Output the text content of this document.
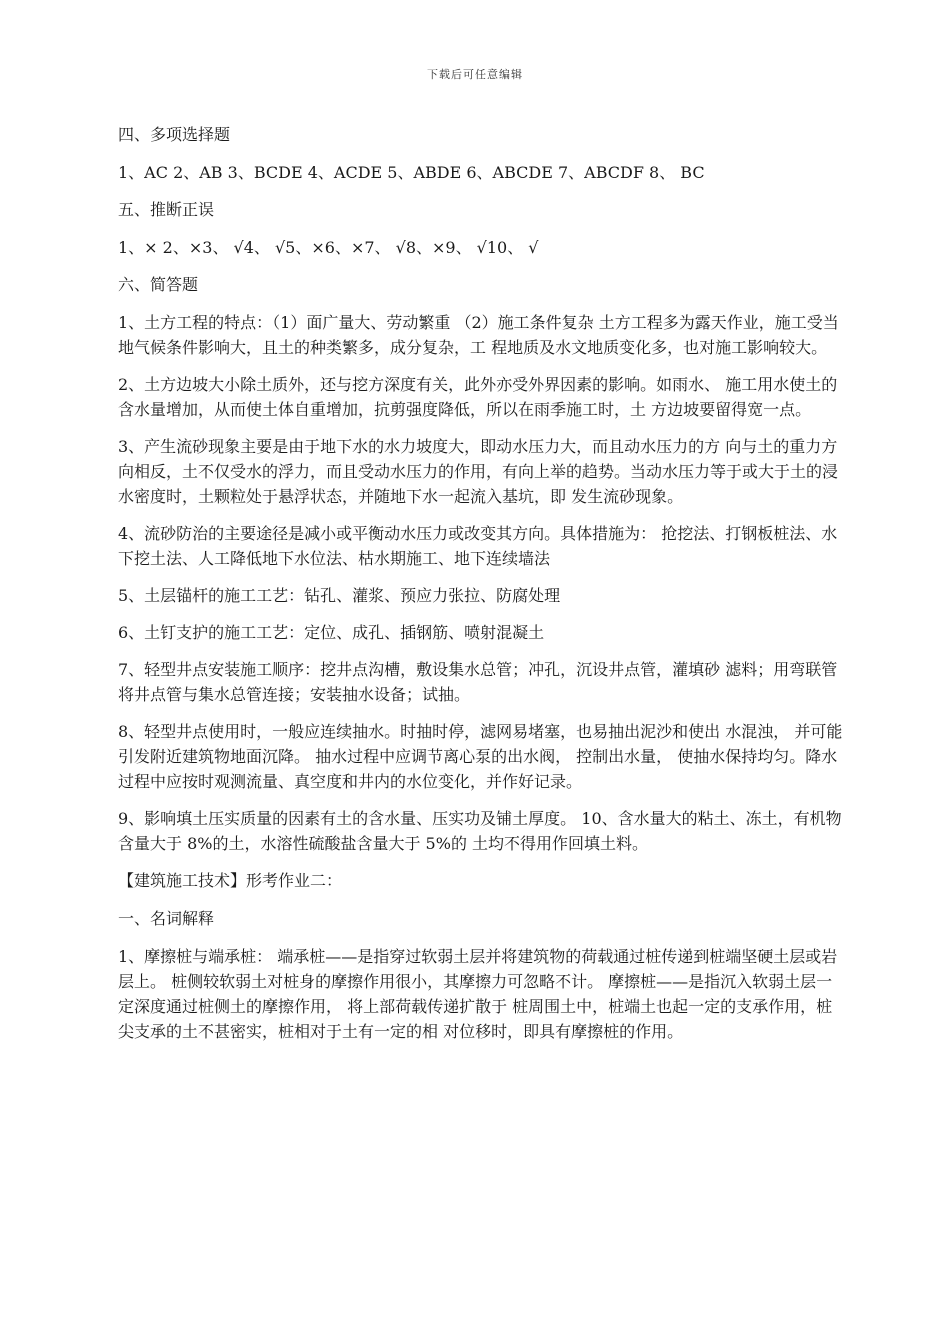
下载后可任意编辑

四、多项选择题

1、AC 2、AB 3、BCDE 4、ACDE 5、ABDE 6、ABCDE 7、ABCDF 8、 BC

五、推断正误

1、× 2、×3、 √4、 √5、×6、×7、 √8、×9、 √10、 √

六、简答题

1、土方工程的特点：（1）面广量大、劳动繁重 （2）施工条件复杂 土方工程多为露天作业，施工受当地气候条件影响大，且土的种类繁多，成分复杂，工 程地质及水文地质变化多，也对施工影响较大。

2、土方边坡大小除土质外，还与挖方深度有关，此外亦受外界因素的影响。如雨水、 施工用水使土的含水量增加，从而使土体自重增加，抗剪强度降低，所以在雨季施工时，土 方边坡要留得宽一点。

3、产生流砂现象主要是由于地下水的水力坡度大，即动水压力大，而且动水压力的方 向与土的重力方向相反，土不仅受水的浮力，而且受动水压力的作用，有向上举的趋势。当动水压力等于或大于土的浸水密度时，土颗粒处于悬浮状态，并随地下水一起流入基坑，即 发生流砂现象。

4、流砂防治的主要途径是减小或平衡动水压力或改变其方向。具体措施为： 抢挖法、打钢板桩法、水下挖土法、人工降低地下水位法、枯水期施工、地下连续墙法

5、土层锚杆的施工工艺：钻孔、灌浆、预应力张拉、防腐处理

6、土钉支护的施工工艺：定位、成孔、插钢筋、喷射混凝土

7、轻型井点安装施工顺序：挖井点沟槽，敷设集水总管；冲孔，沉设井点管，灌填砂 滤料；用弯联管将井点管与集水总管连接；安装抽水设备；试抽。

8、轻型井点使用时，一般应连续抽水。时抽时停，滤网易堵塞，也易抽出泥沙和使出 水混浊， 并可能引发附近建筑物地面沉降。 抽水过程中应调节离心泵的出水阀， 控制出水量， 使抽水保持均匀。降水过程中应按时观测流量、真空度和井内的水位变化，并作好记录。

9、影响填土压实质量的因素有土的含水量、压实功及铺土厚度。 10、含水量大的粘土、冻土，有机物含量大于 8%的土，水溶性硫酸盐含量大于 5%的 土均不得用作回填土料。

【建筑施工技术】形考作业二：

一、名词解释

1、摩擦桩与端承桩： 端承桩——是指穿过软弱土层并将建筑物的荷载通过桩传递到桩端坚硬土层或岩层上。 桩侧较软弱土对桩身的摩擦作用很小，其摩擦力可忽略不计。 摩擦桩——是指沉入软弱土层一定深度通过桩侧土的摩擦作用， 将上部荷载传递扩散于 桩周围土中，桩端土也起一定的支承作用，桩尖支承的土不甚密实，桩相对于土有一定的相 对位移时，即具有摩擦桩的作用。
